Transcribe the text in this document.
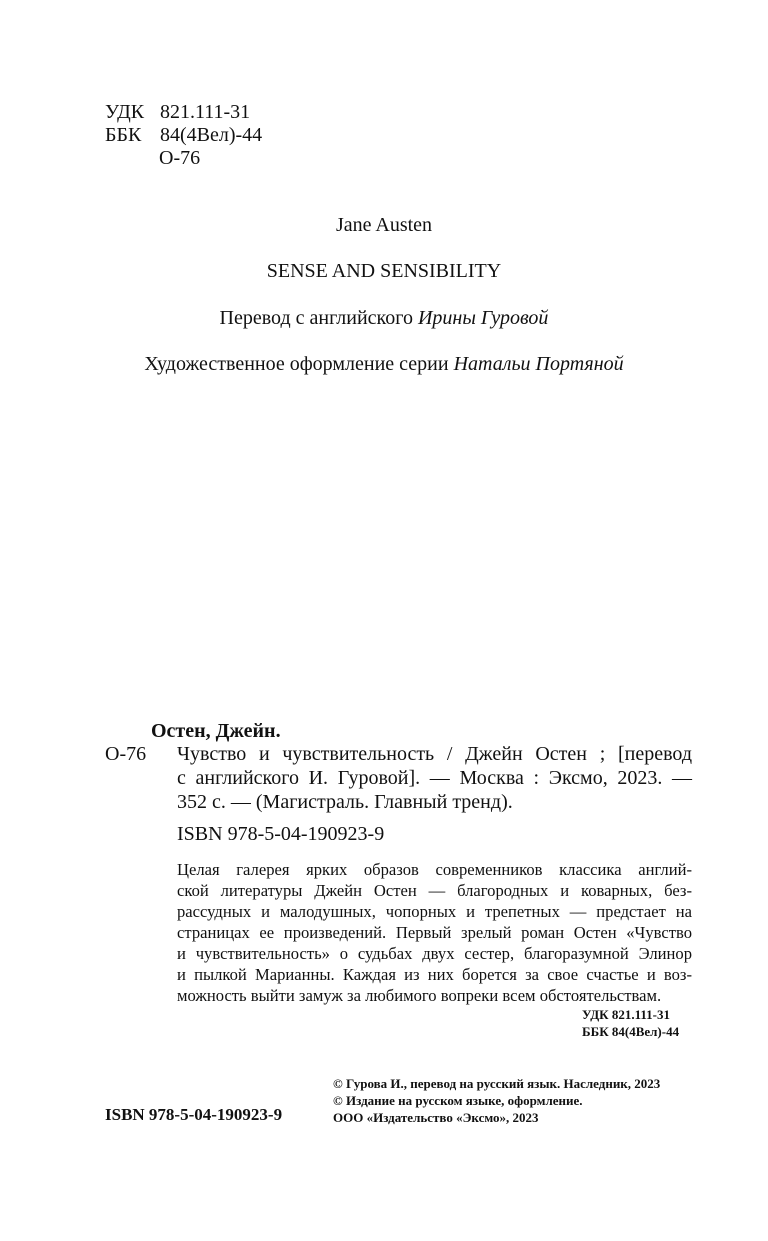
УДК 821.111-31
ББК 84(4Вел)-44
О-76
Jane Austen
SENSE AND SENSIBILITY
Перевод с английского Ирины Гуровой
Художественное оформление серии Натальи Портяной
Остен, Джейн.
О-76 Чувство и чувствительность / Джейн Остен ; [перевод
с английского И. Гуровой]. — Москва : Эксмо, 2023. —
352 с. — (Магистраль. Главный тренд).
ISBN 978-5-04-190923-9
Целая галерея ярких образов современников классика англий-
ской литературы Джейн Остен — благородных и коварных, без-
рассудных и малодушных, чопорных и трепетных — предстает на
страницах ее произведений. Первый зрелый роман Остен «Чувство
и чувствительность» о судьбах двух сестер, благоразумной Элинор
и пылкой Марианны. Каждая из них борется за свое счастье и воз-
можность выйти замуж за любимого вопреки всем обстоятельствам.
УДК 821.111-31
ББК 84(4Вел)-44
ISBN 978-5-04-190923-9
© Гурова И., перевод на русский язык. Наследник, 2023
© Издание на русском языке, оформление.
ООО «Издательство «Эксмо», 2023
